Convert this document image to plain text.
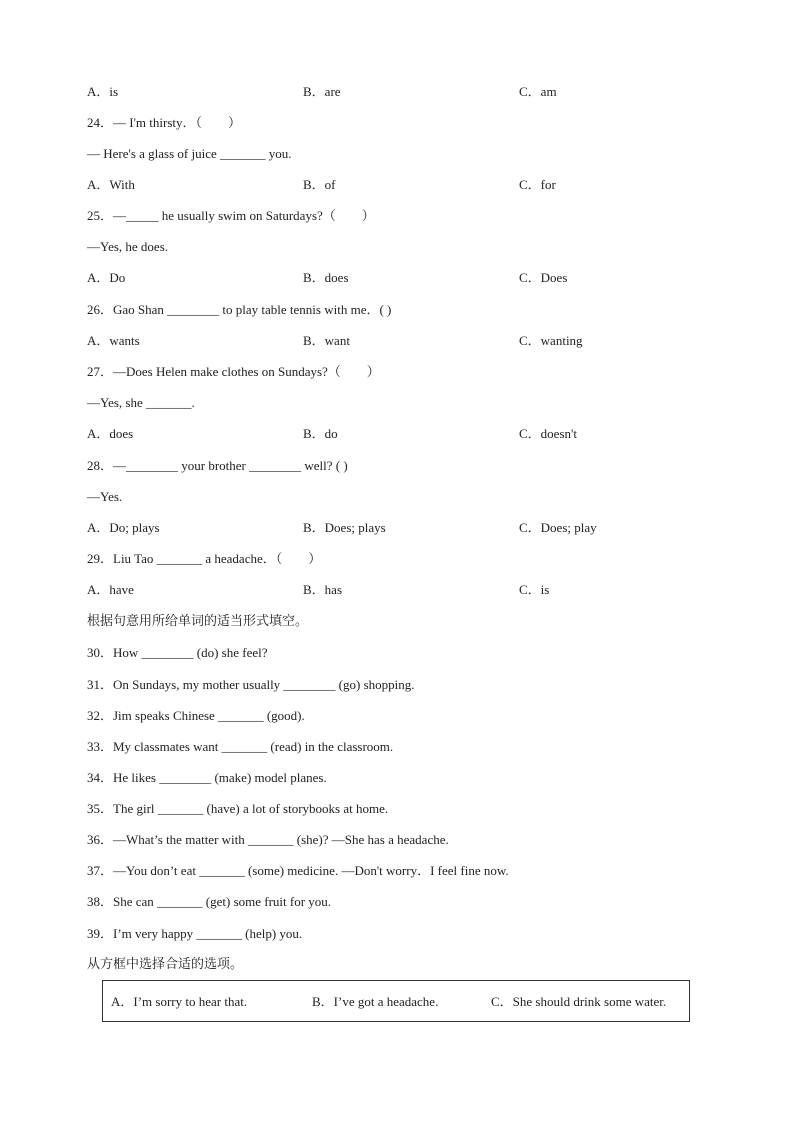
A．is	B．are	C．am
24．— I'm thirsty．（　　）
— Here's a glass of juice _______ you.
A．With	B．of	C．for
25．—_____ he usually swim on Saturdays?（　　）
—Yes, he does.
A．Do	B．does	C．Does
26．Gao Shan ________ to play table tennis with me．( )
A．wants	B．want	C．wanting
27．—Does Helen make clothes on Sundays?（　　）
—Yes, she _______.
A．does	B．do	C．doesn't
28．—________ your brother ________ well? ( )
—Yes.
A．Do; plays	B．Does; plays	C．Does; play
29．Liu Tao _______ a headache．（　　）
A．have	B．has	C．is
根据句意用所给单词的适当形式填空。
30．How ________ (do) she feel?
31．On Sundays, my mother usually ________ (go) shopping.
32．Jim speaks Chinese _______ (good).
33．My classmates want _______ (read) in the classroom.
34．He likes ________ (make) model planes.
35．The girl _______ (have) a lot of storybooks at home.
36．—What’s the matter with _______ (she)? —She has a headache.
37．—You don’t eat _______ (some) medicine. —Don't worry．I feel fine now.
38．She can _______ (get) some fruit for you.
39．I’m very happy _______ (help) you.
从方框中选择合适的选项。
A．I’m sorry to hear that.	B．I’ve got a headache.	C．She should drink some water.
